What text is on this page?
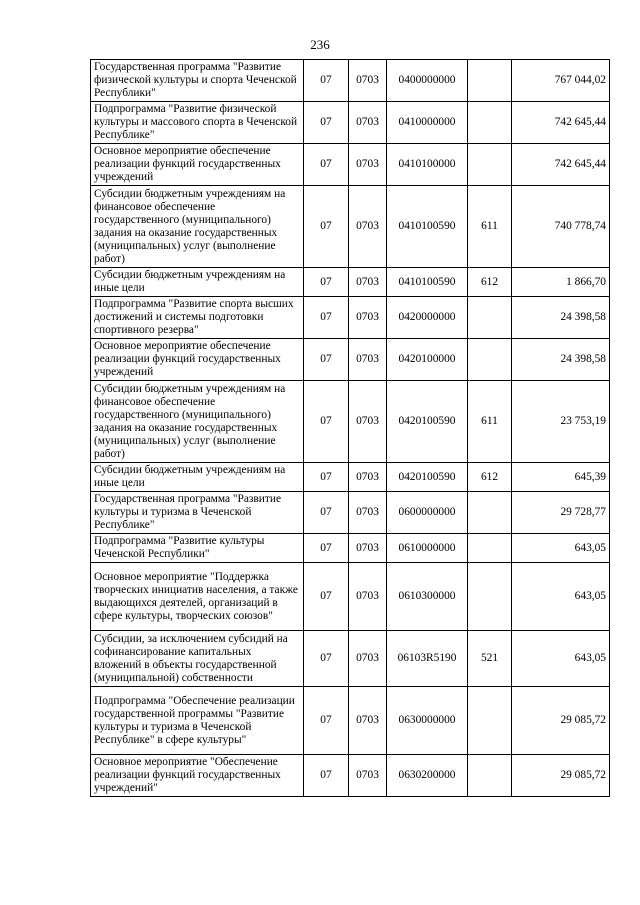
236
Государственная программа "Развитие физической культуры и спорта Чеченской Республики"	07	0703	0400000000		767 044,02
Подпрограмма "Развитие физической культуры и массового спорта в Чеченской Республике"	07	0703	0410000000		742 645,44
Основное мероприятие обеспечение реализации функций государственных учреждений	07	0703	0410100000		742 645,44
Субсидии бюджетным учреждениям на финансовое обеспечение государственного (муниципального) задания на оказание государственных (муниципальных) услуг (выполнение работ)	07	0703	0410100590	611	740 778,74
Субсидии бюджетным учреждениям на иные цели	07	0703	0410100590	612	1 866,70
Подпрограмма "Развитие спорта высших достижений и системы подготовки спортивного резерва"	07	0703	0420000000		24 398,58
Основное мероприятие обеспечение реализации функций государственных учреждений	07	0703	0420100000		24 398,58
Субсидии бюджетным учреждениям на финансовое обеспечение государственного (муниципального) задания на оказание государственных (муниципальных) услуг (выполнение работ)	07	0703	0420100590	611	23 753,19
Субсидии бюджетным учреждениям на иные цели	07	0703	0420100590	612	645,39
Государственная программа "Развитие культуры и туризма в Чеченской Республике"	07	0703	0600000000		29 728,77
Подпрограмма "Развитие культуры Чеченской Республики"	07	0703	0610000000		643,05
Основное мероприятие "Поддержка творческих инициатив населения, а также выдающихся деятелей, организаций в сфере культуры, творческих союзов"	07	0703	0610300000		643,05
Субсидии, за исключением субсидий на софинансирование капитальных вложений в объекты государственной (муниципальной) собственности	07	0703	06103R5190	521	643,05
Подпрограмма "Обеспечение реализации государственной программы "Развитие культуры и туризма в Чеченской Республике" в сфере культуры"	07	0703	0630000000		29 085,72
Основное мероприятие "Обеспечение реализации функций государственных учреждений"	07	0703	0630200000		29 085,72
